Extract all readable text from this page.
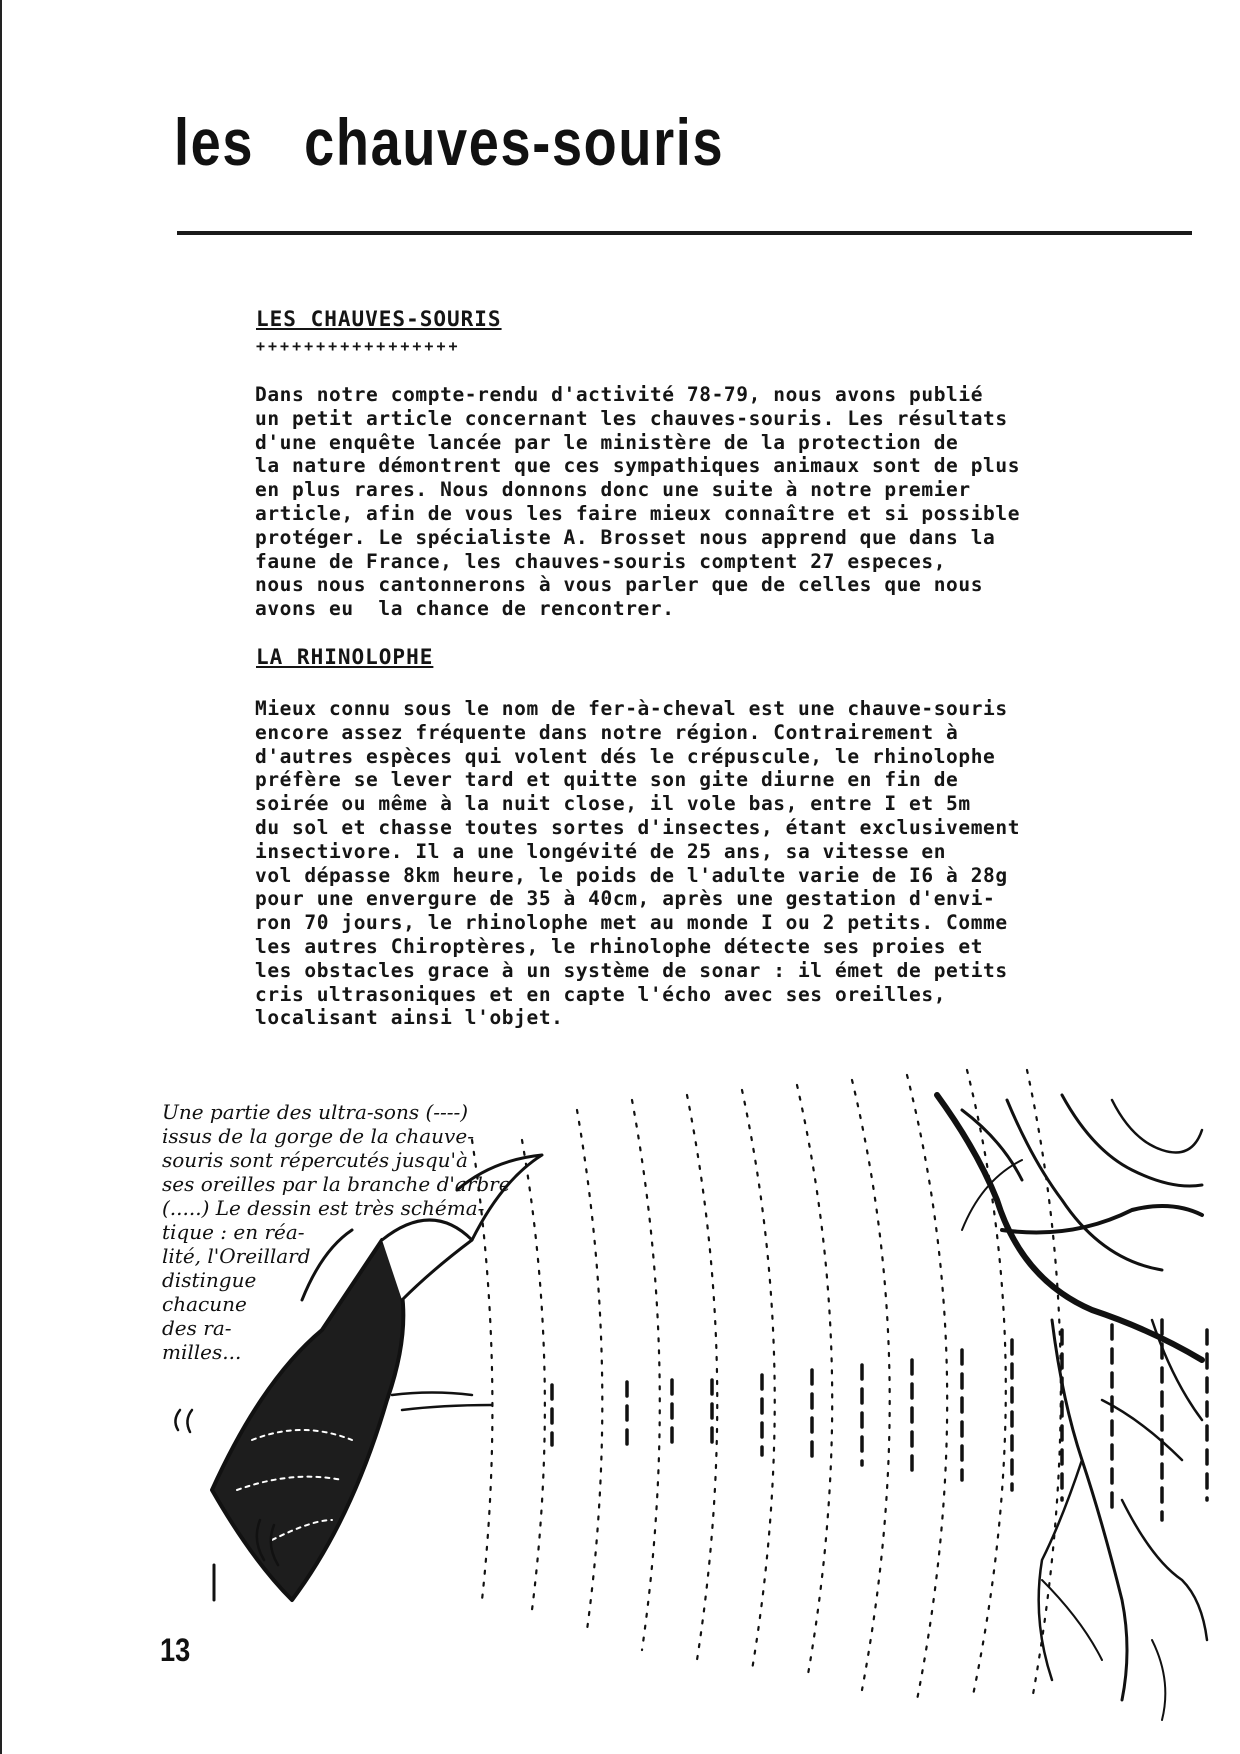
les   chauves-souris
LES CHAUVES-SOURIS
+++++++++++++++++
Dans notre compte-rendu d'activité 78-79, nous avons publié
un petit article concernant les chauves-souris. Les résultats
d'une enquête lancée par le ministère de la protection de
la nature démontrent que ces sympathiques animaux sont de plus
en plus rares. Nous donnons donc une suite à notre premier
article, afin de vous les faire mieux connaître et si possible
protéger. Le spécialiste A. Brosset nous apprend que dans la
faune de France, les chauves-souris comptent 27 especes,
nous nous cantonnerons à vous parler que de celles que nous
avons eu  la chance de rencontrer.
LA RHINOLOPHE
Mieux connu sous le nom de fer-à-cheval est une chauve-souris
encore assez fréquente dans notre région. Contrairement à
d'autres espèces qui volent dés le crépuscule, le rhinolophe
préfère se lever tard et quitte son gite diurne en fin de
soirée ou même à la nuit close, il vole bas, entre I et 5m
du sol et chasse toutes sortes d'insectes, étant exclusivement
insectivore. Il a une longévité de 25 ans, sa vitesse en
vol dépasse 8km heure, le poids de l'adulte varie de I6 à 28g
pour une envergure de 35 à 40cm, après une gestation d'envi-
ron 70 jours, le rhinolophe met au monde I ou 2 petits. Comme
les autres Chiroptères, le rhinolophe détecte ses proies et
les obstacles grace à un système de sonar : il émet de petits
cris ultrasoniques et en capte l'écho avec ses oreilles,
localisant ainsi l'objet.
Une partie des ultra-sons (----)
issus de la gorge de la chauve-
souris sont répercutés jusqu'à
ses oreilles par la branche d'arbre
(.....) Le dessin est très schéma-
tique : en réa-
lité, l'Oreillard
distingue
chacune
des ra-
milles...
13
